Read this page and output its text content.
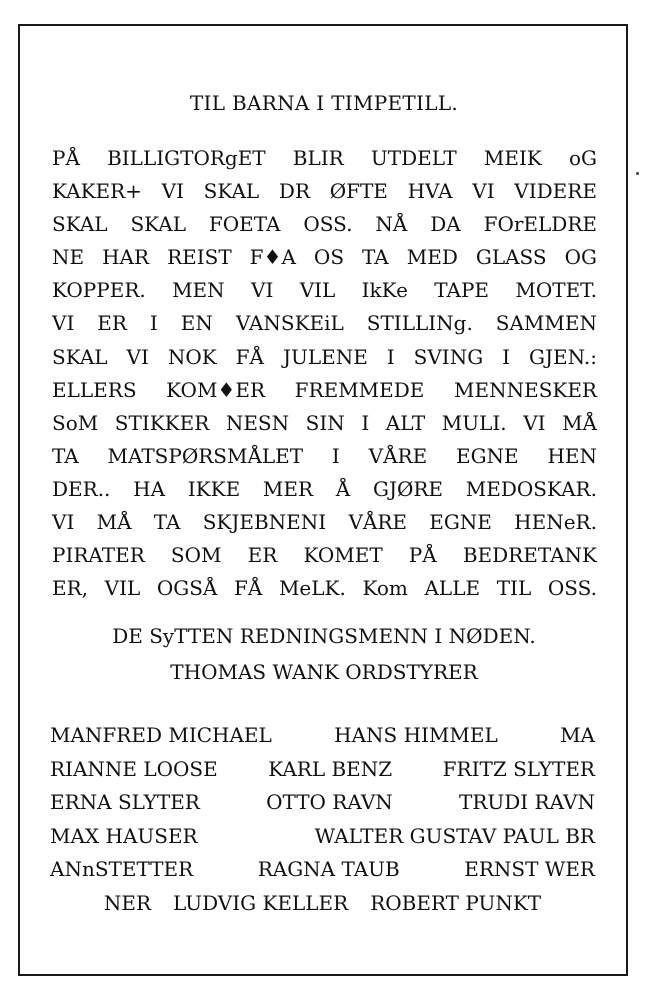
TIL BARNA I TIMPETILL.
PÅ BILLIGTORgET BLIR UTDELT MEIK oG
KAKER+ VI SKAL DR ØFTE HVA VI VIDERE
SKAL SKAL FOETA OSS. NÅ DA FOrELDRE
NE HAR REIST F♦A OS TA MED GLASS OG
KOPPER. MEN VI VIL IkKe TAPE MOTET.
VI ER I EN VANSKEiL STILLINg. SAMMEN
SKAL VI NOK FÅ JULENE I SVING I GJEN.:
ELLERS KOM♦ER FREMMEDE MENNESKER
SoM STIKKER NESN SIN I ALT MULI. VI MÅ
TA MATSPØRSMÅLET I VÅRE EGNE HEN
DER.. HA IKKE MER Å GJØRE MEDOSKAR.
VI MÅ TA SKJEBNENI VÅRE EGNE HENeR.
PIRATER SOM ER KOMET PÅ BEDRETANK
ER, VIL OGSÅ FÅ MeLK. Kom ALLE TIL OSS.
DE SyTTEN REDNINGSMENN I NØDEN.
THOMAS WANK ORDSTYRER
MANFRED MICHAEL	HANS HIMMEL	MA
RIANNE LOOSE	KARL BENZ	FRITZ SLYTER
ERNA SLYTER	OTTO RAVN	TRUDI RAVN
MAX HAUSER	WALTER GUSTAV PAUL BR
ANnSTETTER	RAGNA TAUB	ERNST WER
NER LUDVIG KELLER ROBERT PUNKT
